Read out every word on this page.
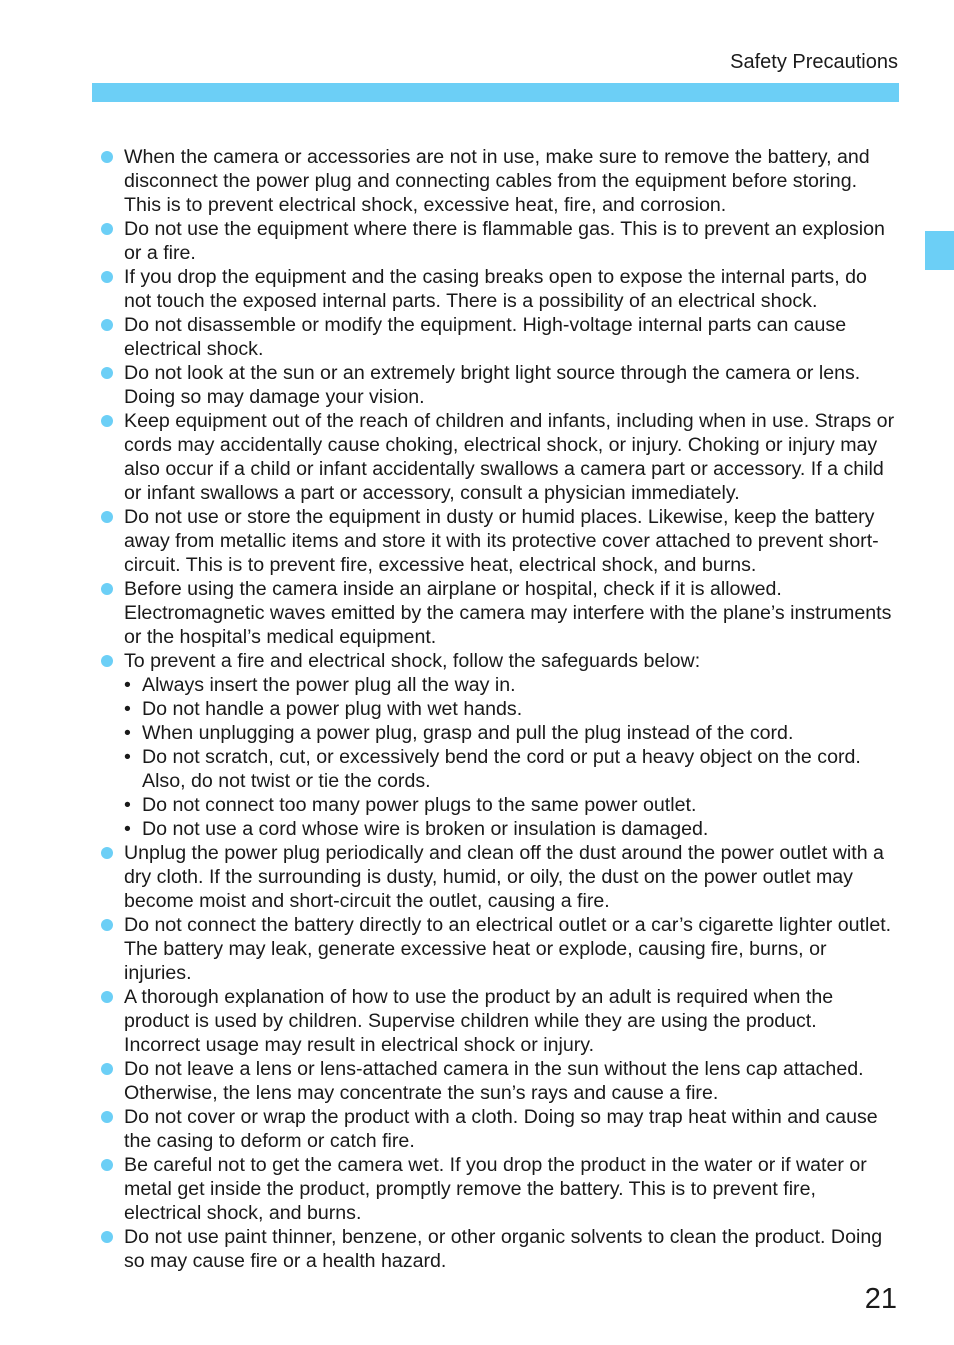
Safety Precautions
When the camera or accessories are not in use, make sure to remove the battery, and disconnect the power plug and connecting cables from the equipment before storing. This is to prevent electrical shock, excessive heat, fire, and corrosion.
Do not use the equipment where there is flammable gas. This is to prevent an explosion or a fire.
If you drop the equipment and the casing breaks open to expose the internal parts, do not touch the exposed internal parts. There is a possibility of an electrical shock.
Do not disassemble or modify the equipment. High-voltage internal parts can cause electrical shock.
Do not look at the sun or an extremely bright light source through the camera or lens. Doing so may damage your vision.
Keep equipment out of the reach of children and infants, including when in use. Straps or cords may accidentally cause choking, electrical shock, or injury. Choking or injury may also occur if a child or infant accidentally swallows a camera part or accessory. If a child or infant swallows a part or accessory, consult a physician immediately.
Do not use or store the equipment in dusty or humid places. Likewise, keep the battery away from metallic items and store it with its protective cover attached to prevent short-circuit. This is to prevent fire, excessive heat, electrical shock, and burns.
Before using the camera inside an airplane or hospital, check if it is allowed. Electromagnetic waves emitted by the camera may interfere with the plane’s instruments or the hospital’s medical equipment.
To prevent a fire and electrical shock, follow the safeguards below:
• Always insert the power plug all the way in.
• Do not handle a power plug with wet hands.
• When unplugging a power plug, grasp and pull the plug instead of the cord.
• Do not scratch, cut, or excessively bend the cord or put a heavy object on the cord. Also, do not twist or tie the cords.
• Do not connect too many power plugs to the same power outlet.
• Do not use a cord whose wire is broken or insulation is damaged.
Unplug the power plug periodically and clean off the dust around the power outlet with a dry cloth. If the surrounding is dusty, humid, or oily, the dust on the power outlet may become moist and short-circuit the outlet, causing a fire.
Do not connect the battery directly to an electrical outlet or a car’s cigarette lighter outlet. The battery may leak, generate excessive heat or explode, causing fire, burns, or injuries.
A thorough explanation of how to use the product by an adult is required when the product is used by children. Supervise children while they are using the product. Incorrect usage may result in electrical shock or injury.
Do not leave a lens or lens-attached camera in the sun without the lens cap attached. Otherwise, the lens may concentrate the sun’s rays and cause a fire.
Do not cover or wrap the product with a cloth. Doing so may trap heat within and cause the casing to deform or catch fire.
Be careful not to get the camera wet. If you drop the product in the water or if water or metal get inside the product, promptly remove the battery. This is to prevent fire, electrical shock, and burns.
Do not use paint thinner, benzene, or other organic solvents to clean the product. Doing so may cause fire or a health hazard.
21
